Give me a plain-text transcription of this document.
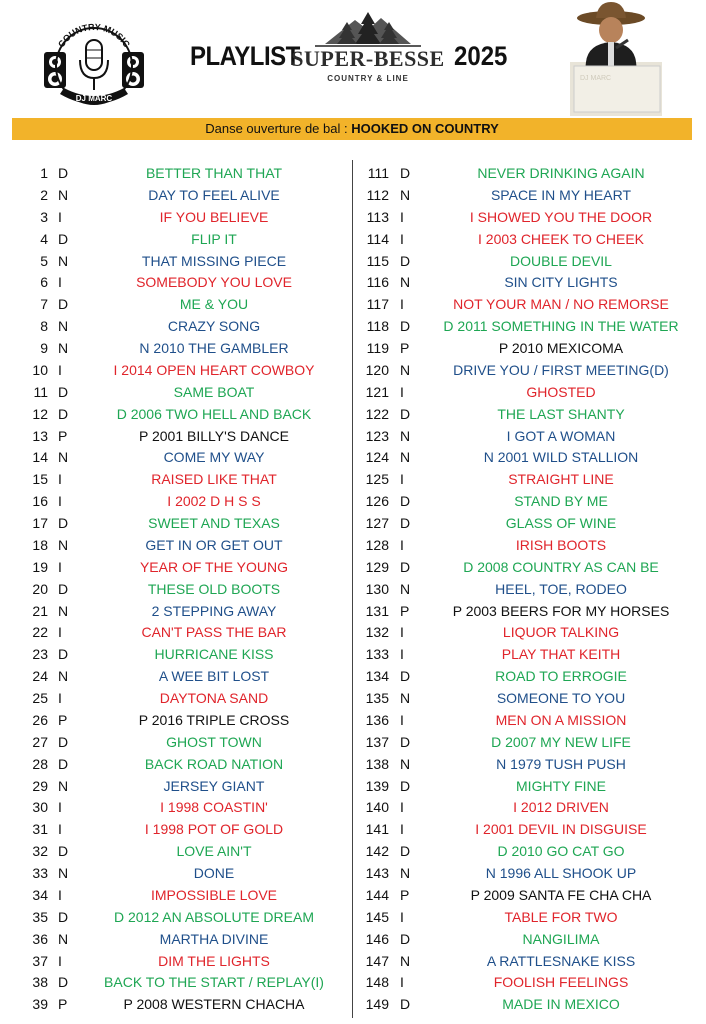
COUNTRY MUSIC
DJ MARC
PLAYLIST
SUPER-BESSE
COUNTRY & LINE
2025
DJ MARC
Danse ouverture de bal : HOOKED ON COUNTRY
1 D	BETTER THAN THAT
2 N	DAY TO FEEL ALIVE
3 I	IF YOU BELIEVE
4 D	FLIP IT
5 N	THAT MISSING PIECE
6 I	SOMEBODY YOU LOVE
7 D	ME & YOU
8 N	CRAZY SONG
9 N	N 2010 THE GAMBLER
10 I	I 2014 OPEN HEART COWBOY
11 D	SAME BOAT
12 D	D 2006 TWO HELL AND BACK
13 P	P 2001 BILLY'S DANCE
14 N	COME MY WAY
15 I	RAISED LIKE THAT
16 I	I 2002 D H S S
17 D	SWEET AND TEXAS
18 N	GET IN OR GET OUT
19 I	YEAR OF THE YOUNG
20 D	THESE OLD BOOTS
21 N	2 STEPPING AWAY
22 I	CAN'T PASS THE BAR
23 D	HURRICANE KISS
24 N	A WEE BIT LOST
25 I	DAYTONA SAND
26 P	P 2016 TRIPLE CROSS
27 D	GHOST TOWN
28 D	BACK ROAD NATION
29 N	JERSEY GIANT
30 I	I 1998 COASTIN'
31 I	I 1998 POT OF GOLD
32 D	LOVE AIN'T
33 N	DONE
34 I	IMPOSSIBLE LOVE
35 D	D 2012 AN ABSOLUTE DREAM
36 N	MARTHA DIVINE
37 I	DIM THE LIGHTS
38 D	BACK TO THE START / REPLAY(I)
39 P	P 2008 WESTERN CHACHA
111 D	NEVER DRINKING AGAIN
112 N	SPACE IN MY HEART
113 I	I SHOWED YOU THE DOOR
114 I	I 2003 CHEEK TO CHEEK
115 D	DOUBLE DEVIL
116 N	SIN CITY LIGHTS
117 I	NOT YOUR MAN / NO REMORSE
118 D	D 2011 SOMETHING IN THE WATER
119 P	P 2010 MEXICOMA
120 N	DRIVE YOU / FIRST MEETING(D)
121 I	GHOSTED
122 D	THE LAST SHANTY
123 N	I GOT A WOMAN
124 N	N 2001 WILD STALLION
125 I	STRAIGHT LINE
126 D	STAND BY ME
127 D	GLASS OF WINE
128 I	IRISH BOOTS
129 D	D 2008 COUNTRY AS CAN BE
130 N	HEEL, TOE, RODEO
131 P	P 2003 BEERS FOR MY HORSES
132 I	LIQUOR TALKING
133 I	PLAY THAT KEITH
134 D	ROAD TO ERROGIE
135 N	SOMEONE TO YOU
136 I	MEN ON A MISSION
137 D	D 2007 MY NEW LIFE
138 N	N 1979 TUSH PUSH
139 D	MIGHTY FINE
140 I	I 2012 DRIVEN
141 I	I 2001 DEVIL IN DISGUISE
142 D	D 2010 GO CAT GO
143 N	N 1996 ALL SHOOK UP
144 P	P 2009 SANTA FE CHA CHA
145 I	TABLE FOR TWO
146 D	NANGILIMA
147 N	A RATTLESNAKE KISS
148 I	FOOLISH FEELINGS
149 D	MADE IN MEXICO
